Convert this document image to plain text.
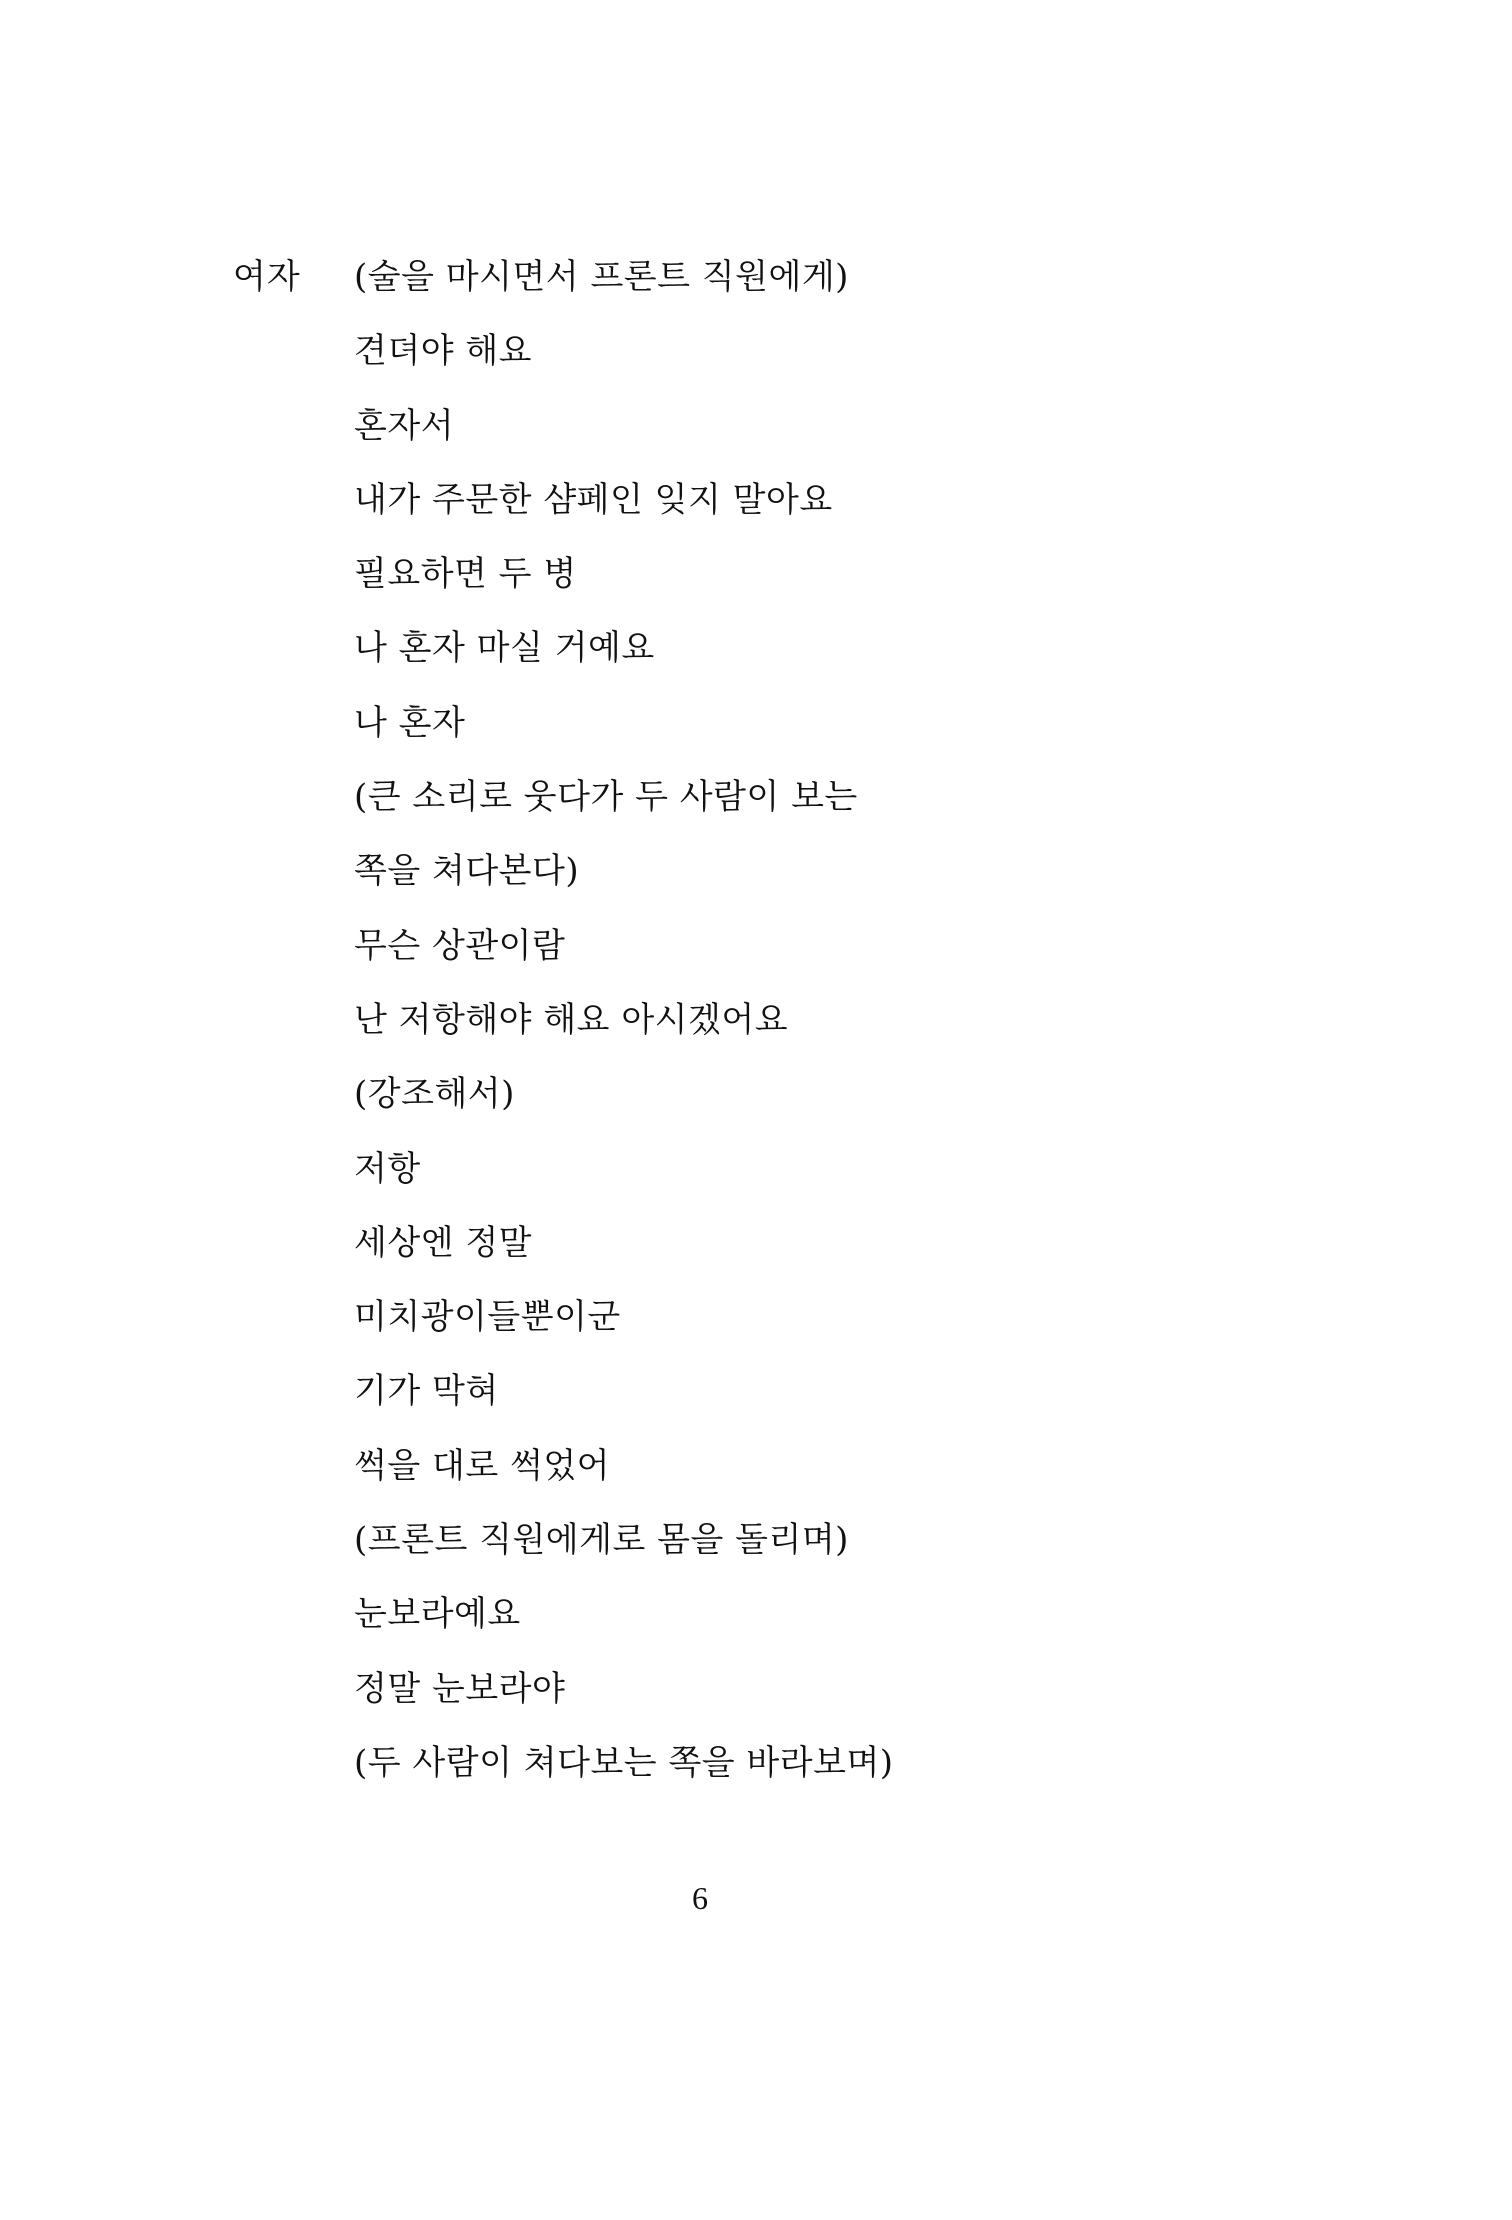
여자 (술을 마시면서 프론트 직원에게)
견뎌야 해요
혼자서
내가 주문한 샴페인 잊지 말아요
필요하면 두 병
나 혼자 마실 거예요
나 혼자
(큰 소리로 웃다가 두 사람이 보는
쪽을 쳐다본다)
무슨 상관이람
난 저항해야 해요 아시겠어요
(강조해서)
저항
세상엔 정말
미치광이들뿐이군
기가 막혀
썩을 대로 썩었어
(프론트 직원에게로 몸을 돌리며)
눈보라예요
정말 눈보라야
(두 사람이 쳐다보는 쪽을 바라보며)
6
